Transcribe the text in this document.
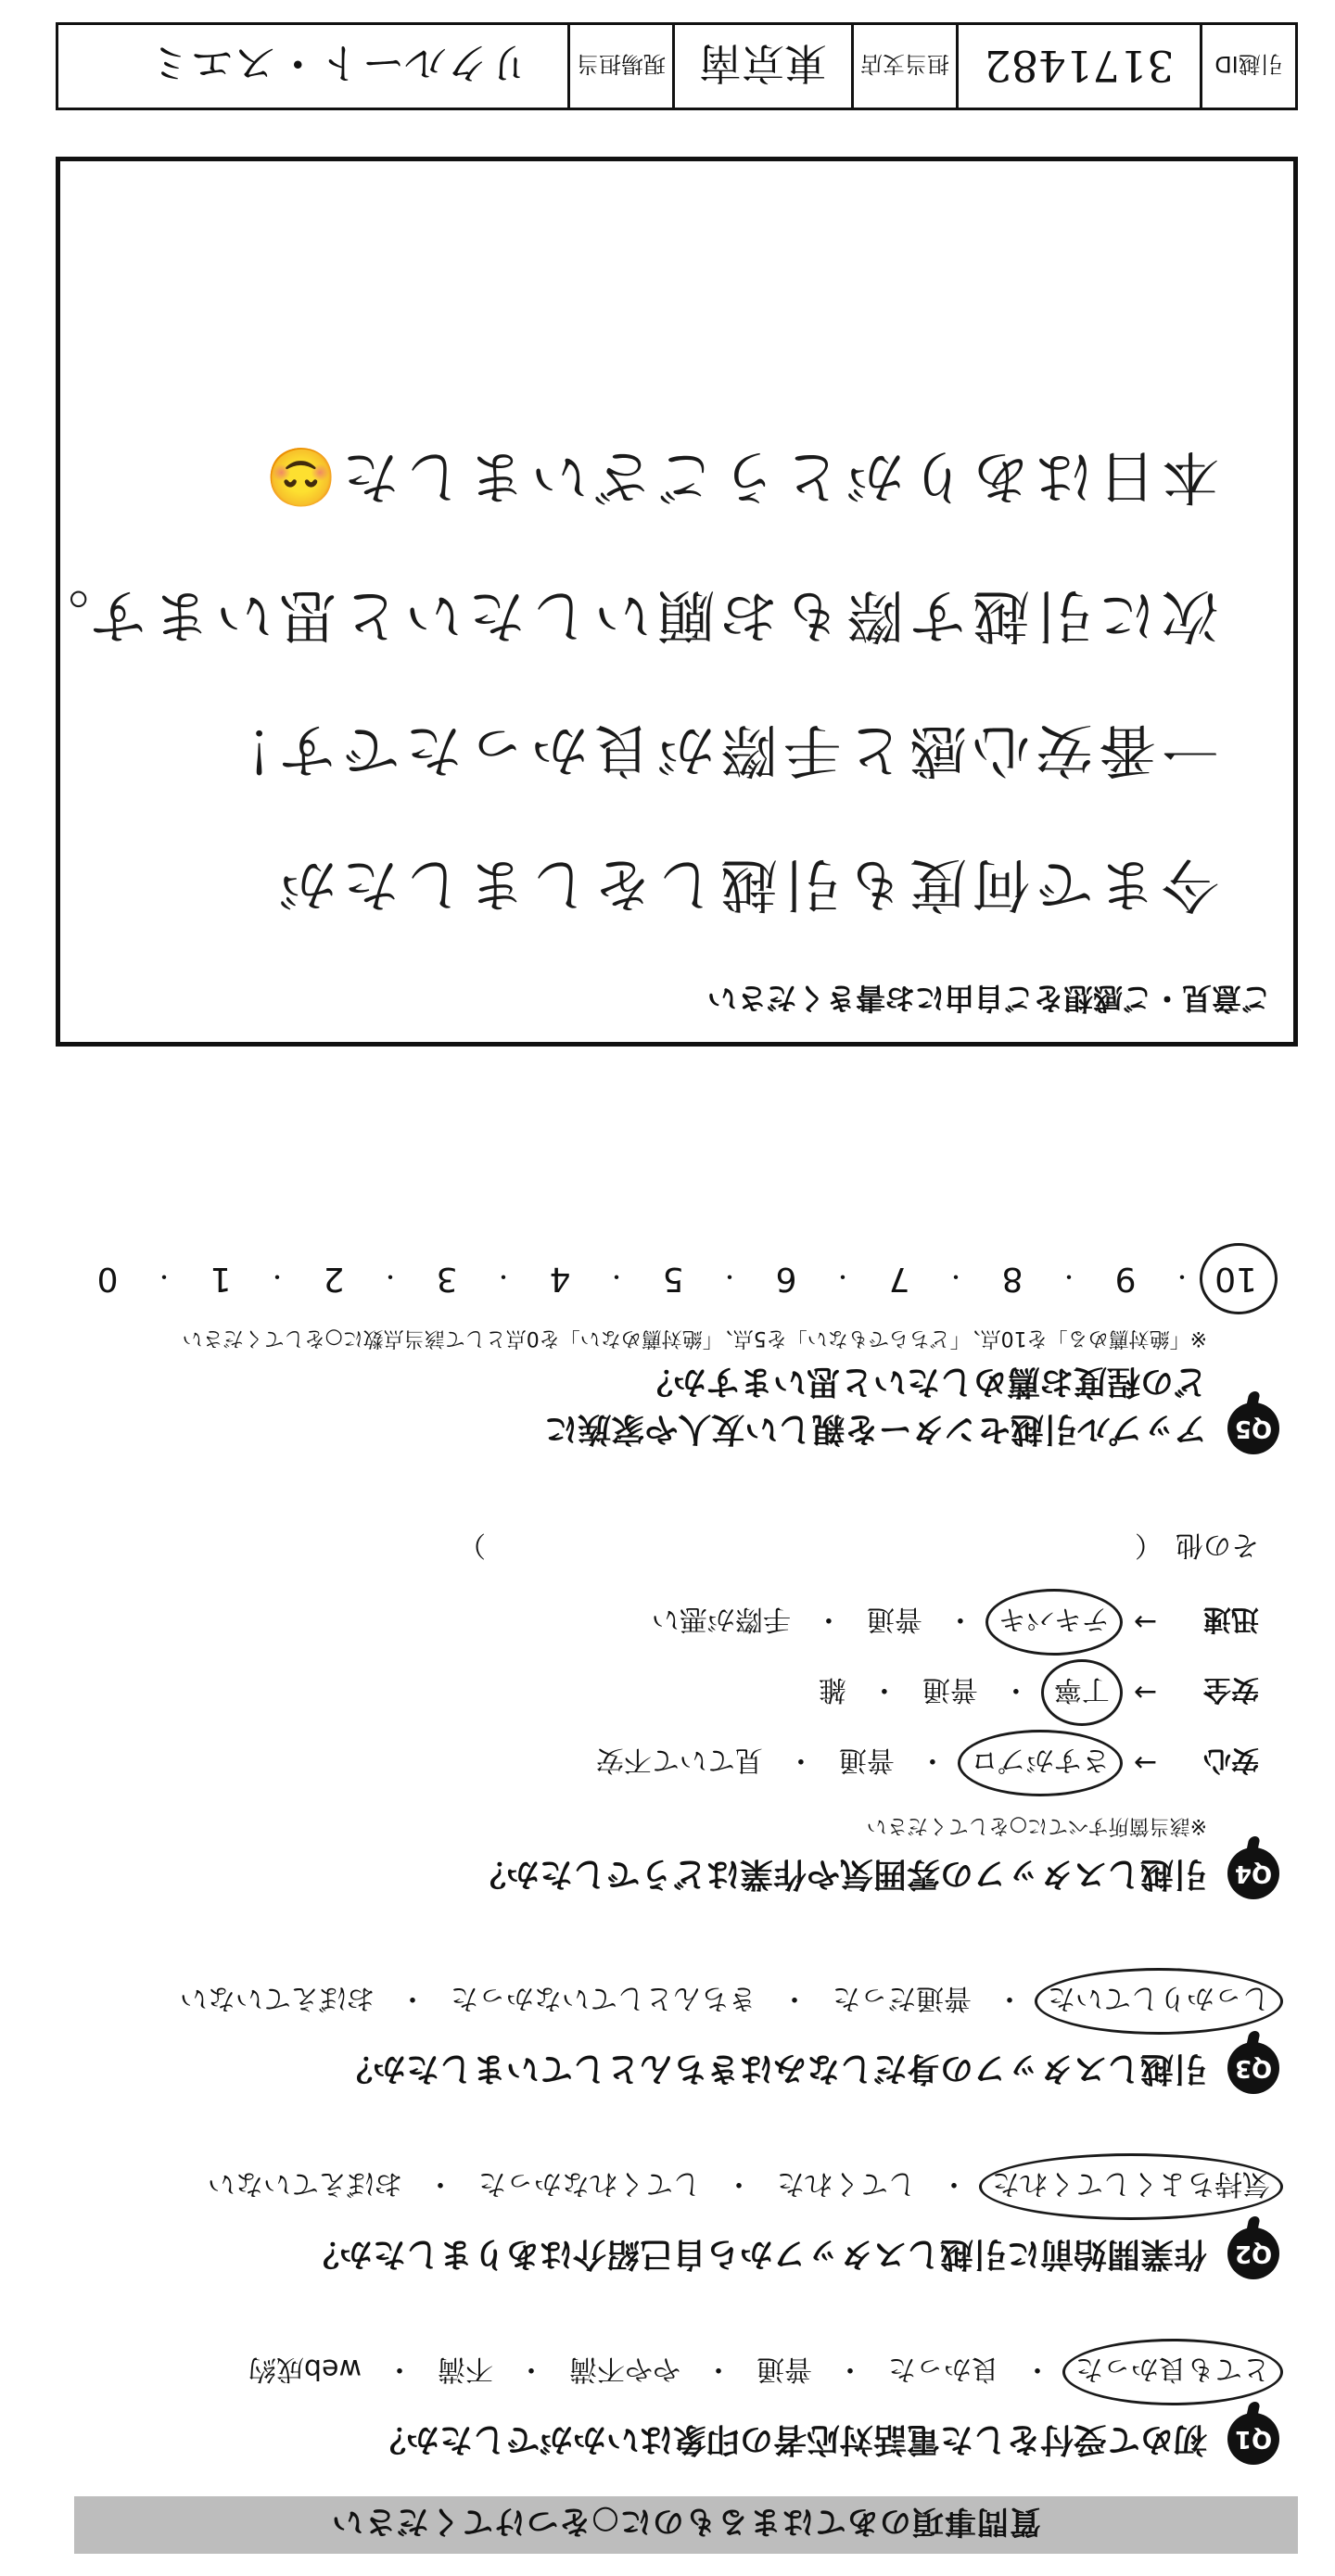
質問事項のあてはまるものに○をつけてください
Q1
初めて受付をした電話対応者の印象はいかがでしたか？
とても良かった
・
良かった
・
普通
・
やや不満
・
不満
・
web成約
Q2
作業開始前に引越しスタッフから自己紹介はありましたか？
気持ちよくしてくれた
・
してくれた
・
してくれなかった
・
おぼえていない
Q3
引越しスタッフの身だしなみはきちんとしていましたか？
しっかりしていた
・
普通だった
・
きちんとしていなかった
・
おぼえていない
Q4
引越しスタッフの雰囲気や作業はどうでしたか？
※該当箇所すべてに○をしてください
安心
→
さすがプロ
・
普通
・
見ていて不安
安全
→
丁寧
・
普通
・
雑
迅速
→
テキパキ
・
普通
・
手際が悪い
その他
（
）
Q5
アップル引越センターを親しい友人や家族に
どの程度お薦めしたいと思いますか？
※「絶対薦める」を10点、「どちらでもない」を5点、「絶対薦めない」を0点として該当点数に○をしてください
10
・
9
・
8
・
7
・
6
・
5
・
4
・
3
・
2
・
1
・
0
ご意見・ご感想をご自由にお書きください
今まで何度も引越しをしましたが
一番安心感と手際が良かったです！
次に引越す際もお願いしたいと思います。
本日はありがとうございました😊
引越ID
3171482
担当支店
東京南
現場担当
リクルート・スエミ
